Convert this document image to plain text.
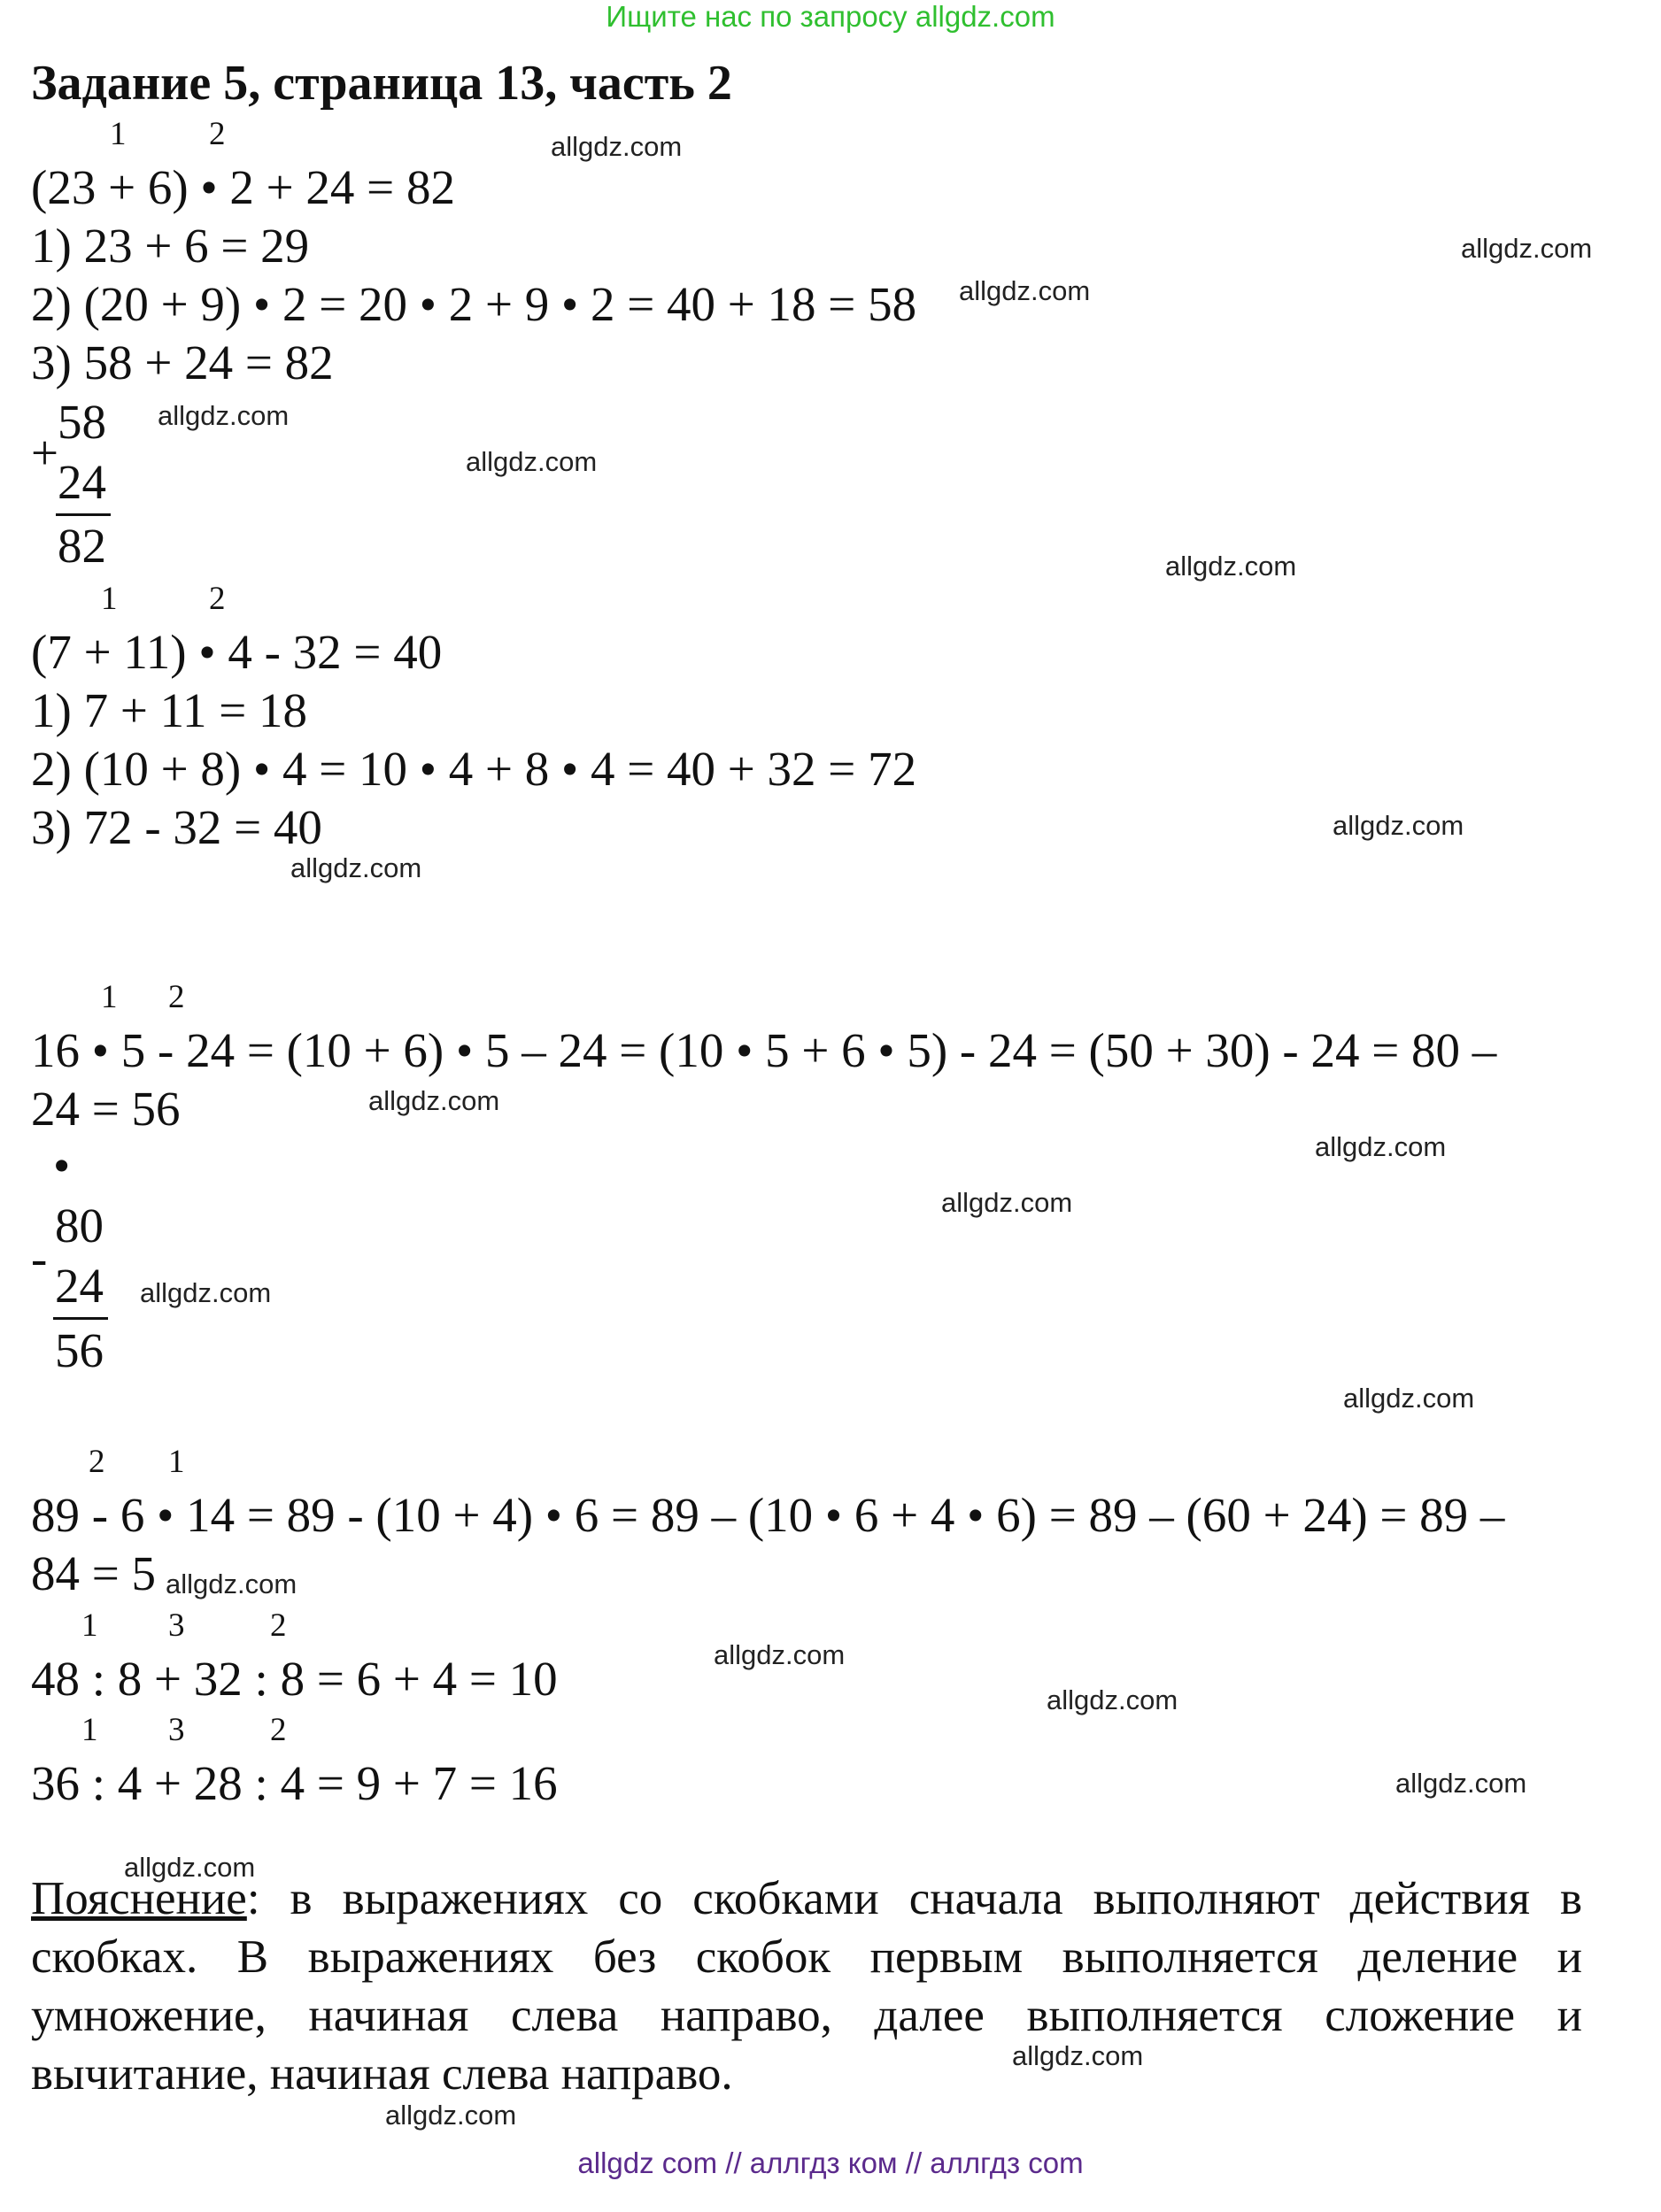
Ищите нас по запросу allgdz.com
Задание 5, страница 13, часть 2
1	2
(23 + 6) • 2 + 24 = 82
1) 23 + 6 = 29
2) (20 + 9) • 2 = 20 • 2 + 9 • 2 = 40 + 18 = 58
3) 58 + 24 = 82
+
58
24
82
1	2
(7 + 11) • 4 - 32 = 40
1) 7 + 11 = 18
2) (10 + 8) • 4 = 10 • 4 + 8 • 4 = 40 + 32 = 72
3) 72 - 32 = 40
1 2
16 • 5 - 24 = (10 + 6) • 5 – 24 = (10 • 5 + 6 • 5) - 24 = (50 + 30) - 24 = 80 –
24 = 56
•
-
80
24
56
2 1
89 - 6 • 14 = 89 - (10 + 4) • 6 = 89 – (10 • 6 + 4 • 6) = 89 – (60 + 24) = 89 –
84 = 5
1 3	2
48 : 8 + 32 : 8 = 6 + 4 = 10
1 3	2
36 : 4 + 28 : 4 = 9 + 7 = 16
Пояснение: в выражениях со скобками сначала выполняют действия в скобках. В выражениях без скобок первым выполняется деление и умножение, начиная слева направо, далее выполняется сложение и вычитание, начиная слева направо.
allgdz.com
allgdz.com
allgdz.com
allgdz.com
allgdz.com
allgdz.com
allgdz.com
allgdz.com
allgdz.com
allgdz.com
allgdz.com
allgdz.com
allgdz.com
allgdz.com
allgdz.com
allgdz.com
allgdz.com
allgdz.com
allgdz.com
allgdz.com
allgdz com // аллгдз ком // аллгдз com
